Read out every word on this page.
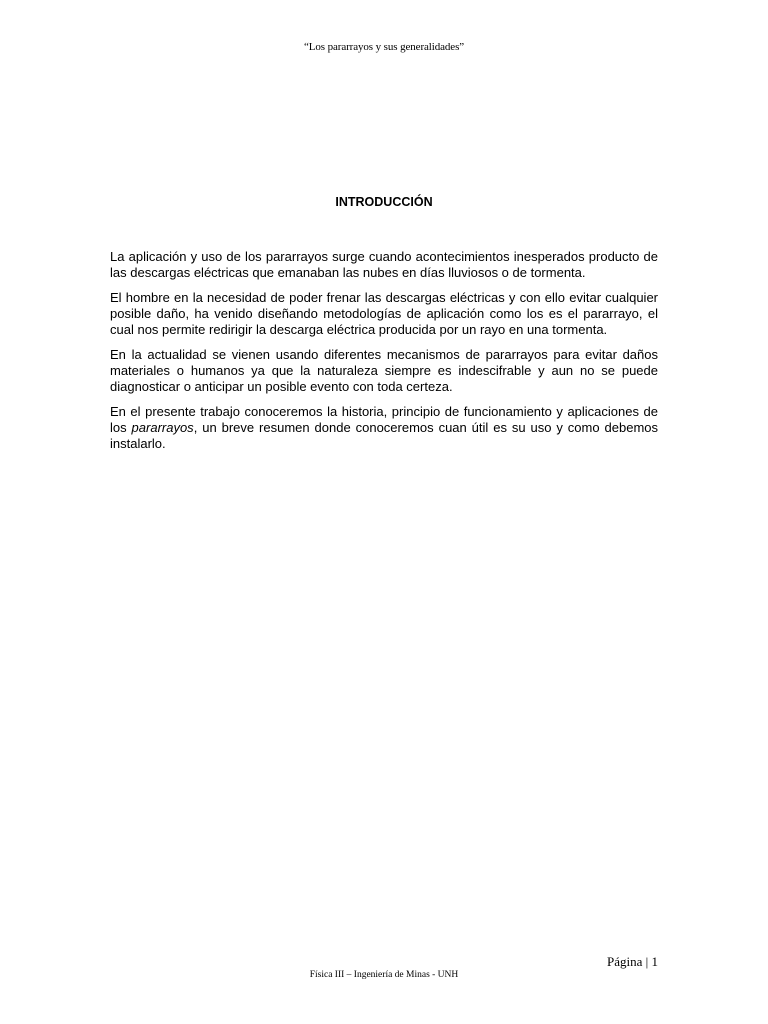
“Los pararrayos y sus generalidades”
INTRODUCCIÓN

La aplicación y uso de los pararrayos surge cuando acontecimientos inesperados producto de las descargas eléctricas que emanaban las nubes en días lluviosos o de tormenta.

El hombre en la necesidad de poder frenar las descargas eléctricas y con ello evitar cualquier posible daño, ha venido diseñando metodologías de aplicación como los es el pararrayo, el cual nos permite redirigir la descarga eléctrica producida por un rayo en una tormenta.

En la actualidad se vienen usando diferentes mecanismos de pararrayos para evitar daños materiales o humanos ya que la naturaleza siempre es indescifrable y aun no se puede diagnosticar o anticipar un posible evento con toda certeza.

En el presente trabajo conoceremos la historia, principio de funcionamiento y aplicaciones de los pararrayos, un breve resumen donde conoceremos cuan útil es su uso y como debemos instalarlo.

Página | 1
Física III – Ingeniería de Minas - UNH
